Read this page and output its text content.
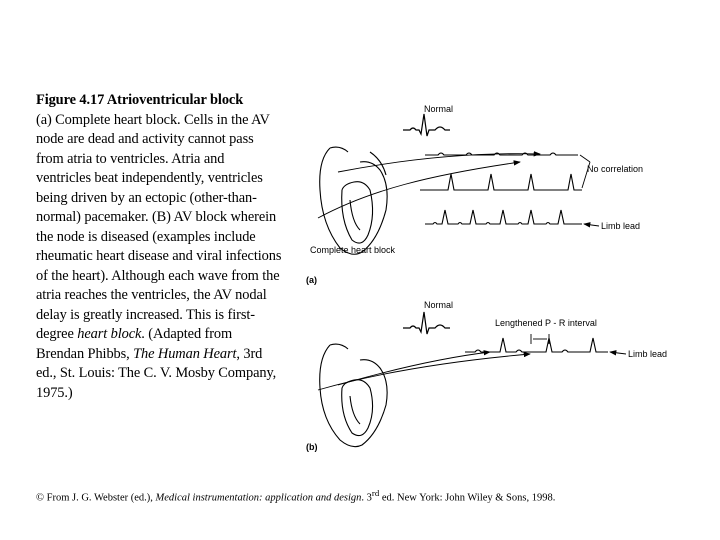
Figure 4.17 Atrioventricular block
(a) Complete heart block. Cells in the AV node are dead and activity cannot pass from atria to ventricles. Atria and ventricles beat independently, ventricles being driven by an ectopic (other-than-normal) pacemaker. (B) AV block wherein the node is diseased (examples include rheumatic heart disease and viral infections of the heart). Although each wave from the atria reaches the ventricles, the AV nodal delay is greatly increased. This is first-degree heart block. (Adapted from Brendan Phibbs, The Human Heart, 3rd ed., St. Louis: The C. V. Mosby Company, 1975.)
Normal
No correlation
Limb lead
Complete heart block
(a)
Normal
Lengthened P - R interval
Limb lead
(b)
© From J. G. Webster (ed.), Medical instrumentation: application and design. 3rd ed. New York: John Wiley & Sons, 1998.
